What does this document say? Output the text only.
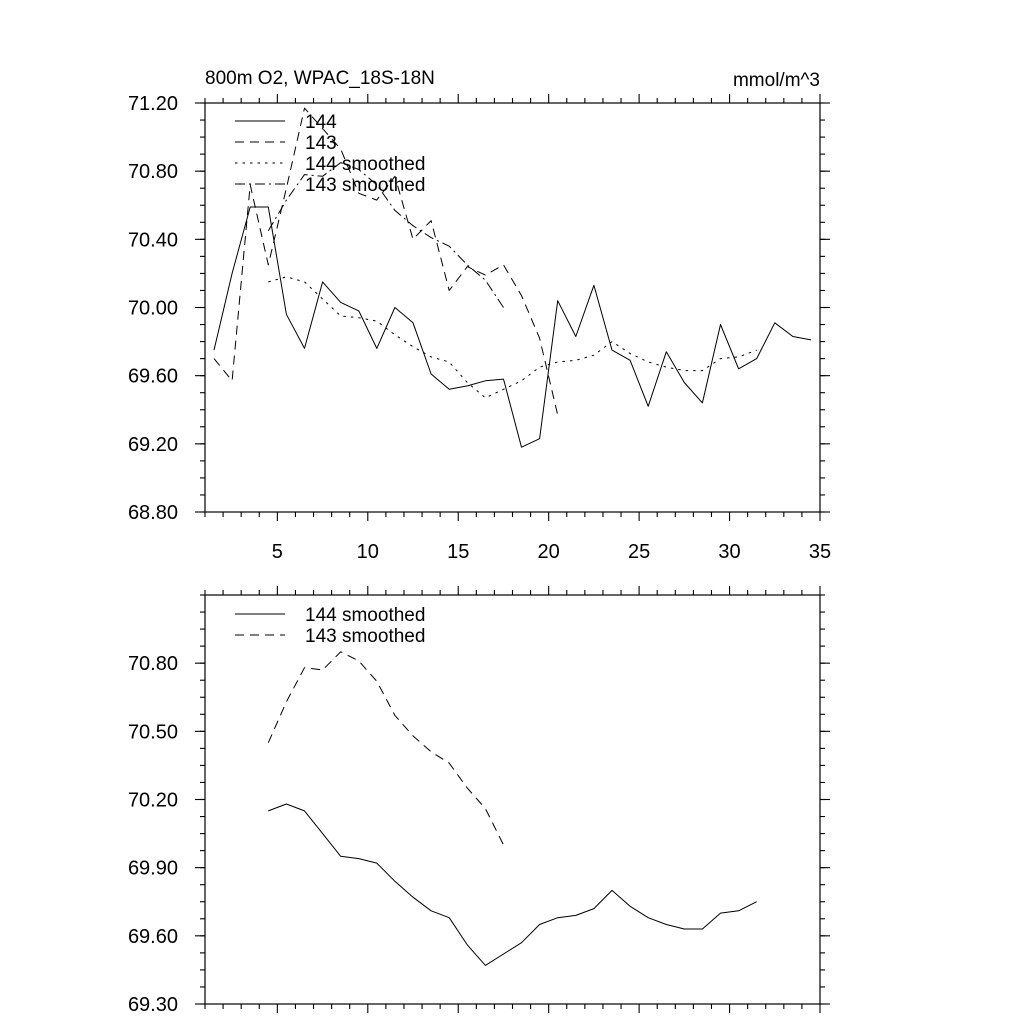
800m O2, WPAC_18S-18N	mmol/m^3
68.80
69.20
69.60
70.00
70.40
70.80
71.20
5	10	15	20	25	30	35
144
143
144 smoothed
143 smoothed
69.30
69.60
69.90
70.20
70.50
70.80
144 smoothed
143 smoothed
